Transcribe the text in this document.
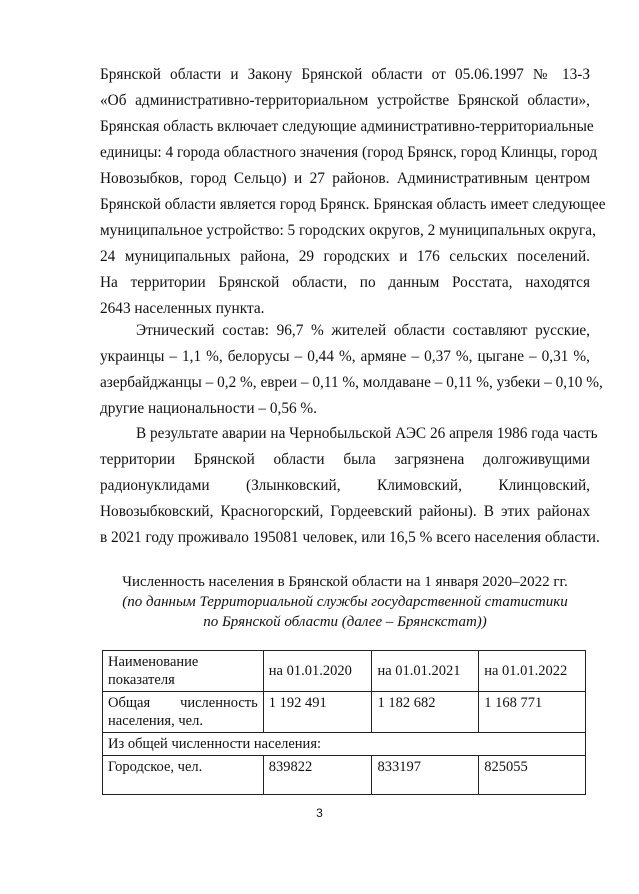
Брянской области и Закону Брянской области от 05.06.1997 № 13-З
«Об административно-территориальном устройстве Брянской области»,
Брянская область включает следующие административно-территориальные
единицы: 4 города областного значения (город Брянск, город Клинцы, город
Новозыбков, город Сельцо) и 27 районов. Административным центром
Брянской области является город Брянск. Брянская область имеет следующее
муниципальное устройство: 5 городских округов, 2 муниципальных округа,
24 муниципальных района, 29 городских и 176 сельских поселений.
На территории Брянской области, по данным Росстата, находятся
2643 населенных пункта.
Этнический состав: 96,7 % жителей области составляют русские,
украинцы – 1,1 %, белорусы – 0,44 %, армяне – 0,37 %, цыгане – 0,31 %,
азербайджанцы – 0,2 %, евреи – 0,11 %, молдаване – 0,11 %, узбеки – 0,10 %,
другие национальности – 0,56 %.
В результате аварии на Чернобыльской АЭС 26 апреля 1986 года часть
территории Брянской области была загрязнена долгоживущими
радионуклидами (Злынковский, Климовский, Клинцовский,
Новозыбковский, Красногорский, Гордеевский районы). В этих районах
в 2021 году проживало 195081 человек, или 16,5 % всего населения области.
Численность населения в Брянской области на 1 января 2020–2022 гг.
(по данным Территориальной службы государственной статистики
по Брянской области (далее – Брянскстат))
Наименование
показателя	на 01.01.2020	на 01.01.2021	на 01.01.2022

Общая численность
населения, чел.	1 192 491	1 182 682	1 168 771
Из общей численности населения:			
Городское, чел.	839822	833197	825055
3
